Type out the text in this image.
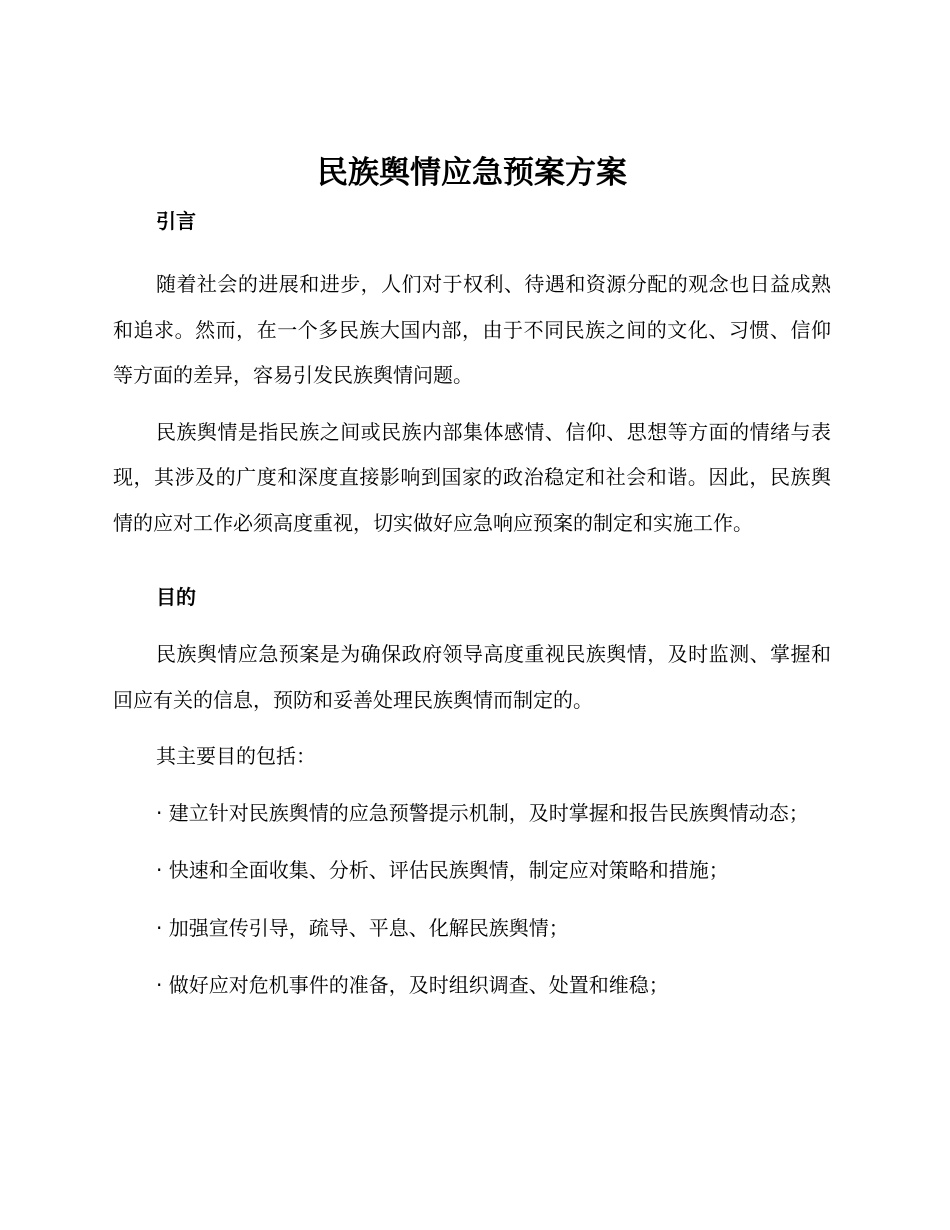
民族舆情应急预案方案
引言

随着社会的进展和进步，人们对于权利、待遇和资源分配的观念也日益成熟和追求。然而，在一个多民族大国内部，由于不同民族之间的文化、习惯、信仰等方面的差异，容易引发民族舆情问题。

民族舆情是指民族之间或民族内部集体感情、信仰、思想等方面的情绪与表现，其涉及的广度和深度直接影响到国家的政治稳定和社会和谐。因此，民族舆情的应对工作必须高度重视，切实做好应急响应预案的制定和实施工作。

目的

民族舆情应急预案是为确保政府领导高度重视民族舆情，及时监测、掌握和回应有关的信息，预防和妥善处理民族舆情而制定的。

其主要目的包括：

· 建立针对民族舆情的应急预警提示机制，及时掌握和报告民族舆情动态；
· 快速和全面收集、分析、评估民族舆情，制定应对策略和措施；
· 加强宣传引导，疏导、平息、化解民族舆情；
· 做好应对危机事件的准备，及时组织调查、处置和维稳；
